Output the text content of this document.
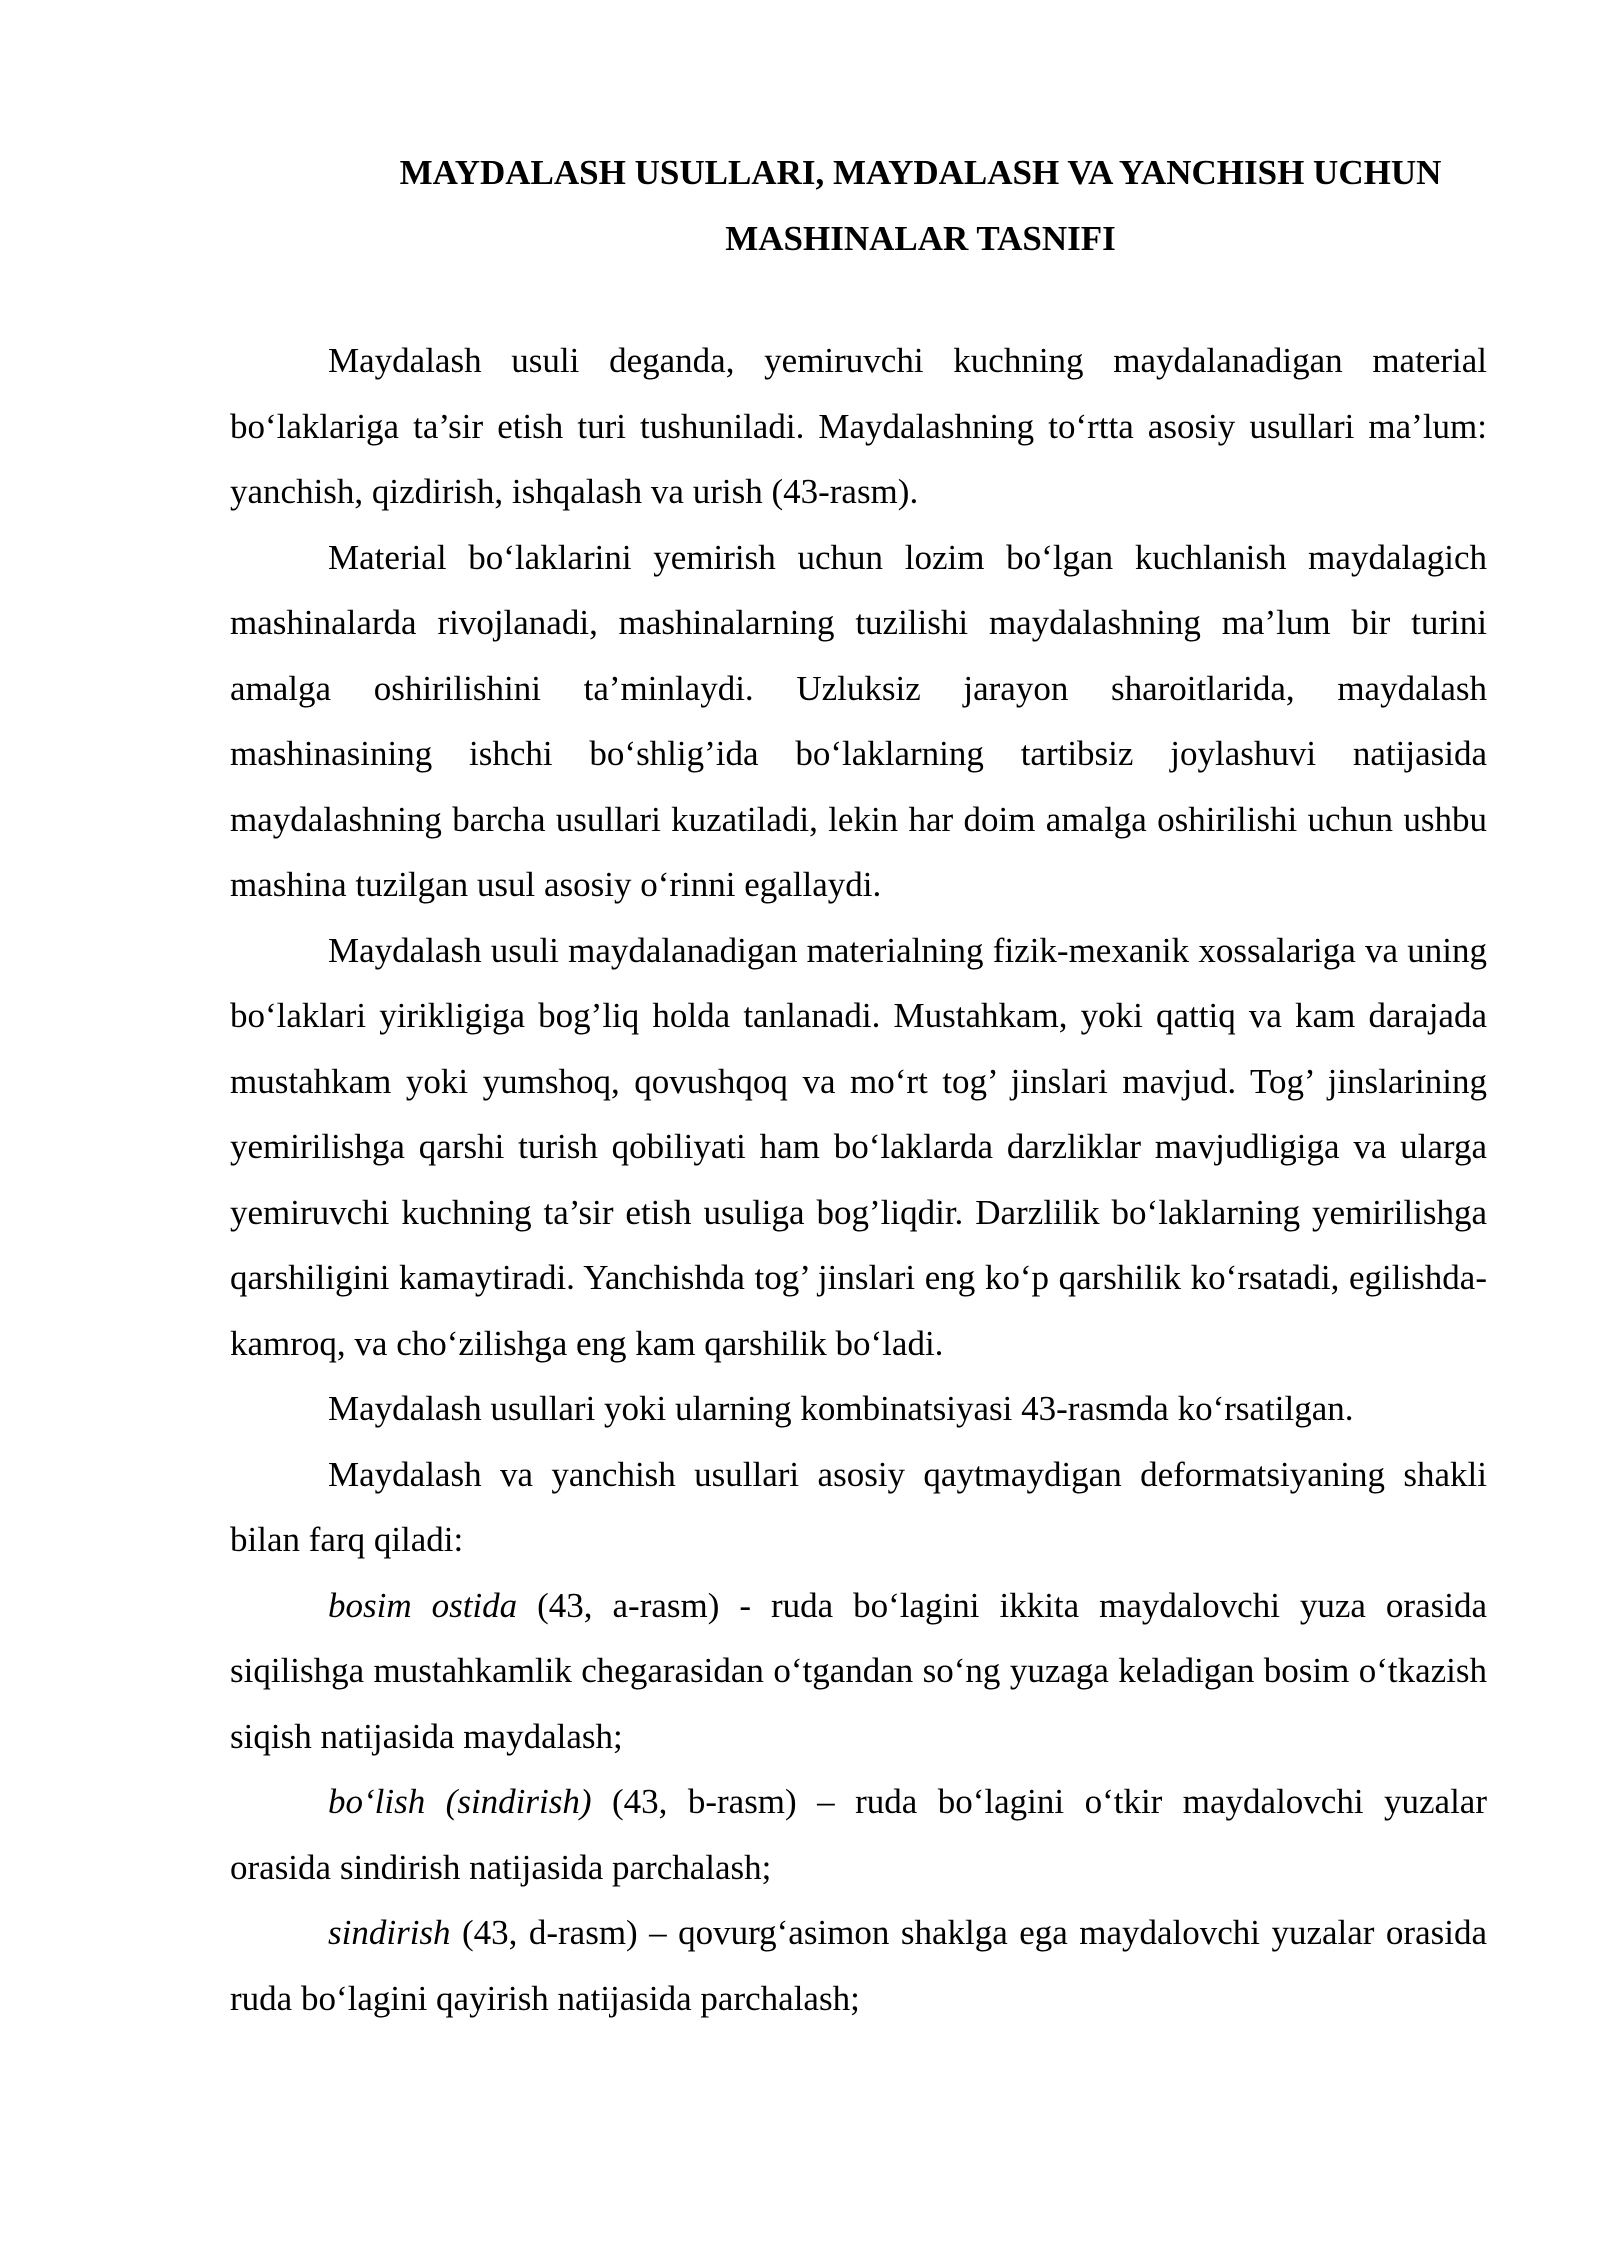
MAYDALASH USULLARI, MAYDALASH VA YANCHISH UCHUN
MASHINALAR TASNIFI

Maydalash usuli deganda, yemiruvchi kuchning maydalanadigan material bo‘laklariga ta’sir etish turi tushuniladi. Maydalashning to‘rtta asosiy usullari ma’lum: yanchish, qizdirish, ishqalash va urish (43-rasm).

Material bo‘laklarini yemirish uchun lozim bo‘lgan kuchlanish maydalagich mashinalarda rivojlanadi, mashinalarning tuzilishi maydalashning ma’lum bir turini amalga oshirilishini ta’minlaydi. Uzluksiz jarayon sharoitlarida, maydalash mashinasining ishchi bo‘shlig’ida bo‘laklarning tartibsiz joylashuvi natijasida maydalashning barcha usullari kuzatiladi, lekin har doim amalga oshirilishi uchun ushbu mashina tuzilgan usul asosiy o‘rinni egallaydi.

Maydalash usuli maydalanadigan materialning fizik-mexanik xossalariga va uning bo‘laklari yirikligiga bog’liq holda tanlanadi. Mustahkam, yoki qattiq va kam darajada mustahkam yoki yumshoq, qovushqoq va mo‘rt tog’ jinslari mavjud. Tog’ jinslarining yemirilishga qarshi turish qobiliyati ham bo‘laklarda darzliklar mavjudligiga va ularga yemiruvchi kuchning ta’sir etish usuliga bog’liqdir. Darzlilik bo‘laklarning yemirilishga qarshiligini kamaytiradi. Yanchishda tog’ jinslari eng ko‘p qarshilik ko‘rsatadi, egilishda-kamroq, va cho‘zilishga eng kam qarshilik bo‘ladi.

Maydalash usullari yoki ularning kombinatsiyasi 43-rasmda ko‘rsatilgan.

Maydalash va yanchish usullari asosiy qaytmaydigan deformatsiyaning shakli bilan farq qiladi:

bosim ostida (43, a-rasm) - ruda bo‘lagini ikkita maydalovchi yuza orasida siqilishga mustahkamlik chegarasidan o‘tgandan so‘ng yuzaga keladigan bosim o‘tkazish siqish natijasida maydalash;

bo‘lish (sindirish) (43, b-rasm) – ruda bo‘lagini o‘tkir maydalovchi yuzalar orasida sindirish natijasida parchalash;

sindirish (43, d-rasm) – qovurg‘asimon shaklga ega maydalovchi yuzalar orasida ruda bo‘lagini qayirish natijasida parchalash;
